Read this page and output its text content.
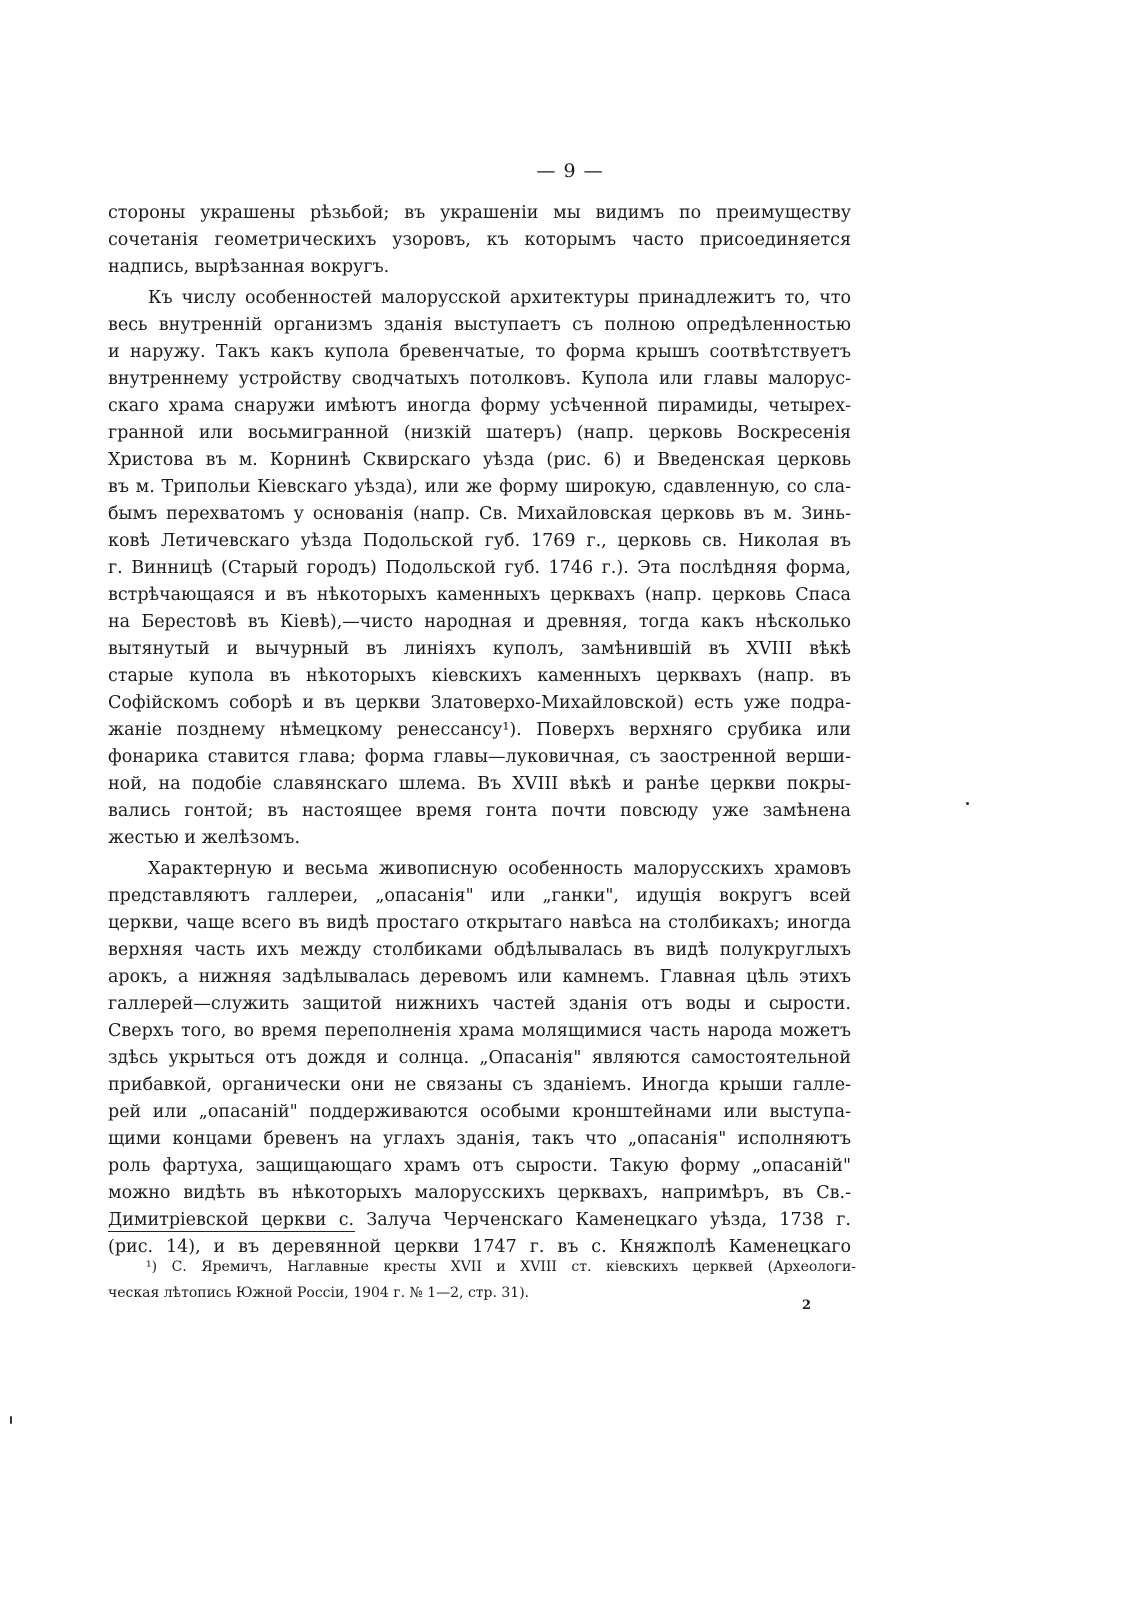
— 9 —

стороны украшены рѣзьбой; въ украшеніи мы видимъ по преимуществу
сочетанія геометрическихъ узоровъ, къ которымъ часто присоединяется
надпись, вырѣзанная вокругъ.

Къ числу особенностей малорусской архитектуры принадлежитъ то, что
весь внутренній организмъ зданія выступаетъ съ полною опредѣленностью
и наружу. Такъ какъ купола бревенчатые, то форма крышъ соотвѣтствуетъ
внутреннему устройству сводчатыхъ потолковъ. Купола или главы малорус-
скаго храма снаружи имѣютъ иногда форму усѣченной пирамиды, четырех-
гранной или восьмигранной (низкій шатеръ) (напр. церковь Воскресенія
Христова въ м. Корнинѣ Сквирскаго уѣзда (рис. 6) и Введенская церковь
въ м. Трипольи Кіевскаго уѣзда), или же форму широкую, сдавленную, со сла-
бымъ перехватомъ у основанія (напр. Св. Михайловская церковь въ м. Зинь-
ковѣ Летичевскаго уѣзда Подольской губ. 1769 г., церковь св. Николая въ
г. Винницѣ (Старый городъ) Подольской губ. 1746 г.). Эта послѣдняя форма,
встрѣчающаяся и въ нѣкоторыхъ каменныхъ церквахъ (напр. церковь Спаса
на Берестовѣ въ Кіевѣ),—чисто народная и древняя, тогда какъ нѣсколько
вытянутый и вычурный въ линіяхъ куполъ, замѣнившій въ XVIII вѣкѣ
старые купола въ нѣкоторыхъ кіевскихъ каменныхъ церквахъ (напр. въ
Софійскомъ соборѣ и въ церкви Златоверхо-Михайловской) есть уже подра-
жаніе позднему нѣмецкому ренессансу¹). Поверхъ верхняго срубика или
фонарика ставится глава; форма главы—луковичная, съ заостренной верши-
ной, на подобіе славянскаго шлема. Въ XVIII вѣкѣ и ранѣе церкви покры-
вались гонтой; въ настоящее время гонта почти повсюду уже замѣнена
жестью и желѣзомъ.

Характерную и весьма живописную особенность малорусскихъ храмовъ
представляютъ галлереи, „опасанія" или „ганки", идущія вокругъ всей
церкви, чаще всего въ видѣ простаго открытаго навѣса на столбикахъ; иногда
верхняя часть ихъ между столбиками обдѣлывалась въ видѣ полукруглыхъ
арокъ, а нижняя задѣлывалась деревомъ или камнемъ. Главная цѣль этихъ
галлерей—служить защитой нижнихъ частей зданія отъ воды и сырости.
Сверхъ того, во время переполненія храма молящимися часть народа можетъ
здѣсь укрыться отъ дождя и солнца. „Опасанія" являются самостоятельной
прибавкой, органически они не связаны съ зданіемъ. Иногда крыши галле-
рей или „опасаній" поддерживаются особыми кронштейнами или выступа-
щими концами бревенъ на углахъ зданія, такъ что „опасанія" исполняютъ
роль фартуха, защищающаго храмъ отъ сырости. Такую форму „опасаній"
можно видѣть въ нѣкоторыхъ малорусскихъ церквахъ, напримѣръ, въ Св.-
Димитріевской церкви с. Залуча Черченскаго Каменецкаго уѣзда, 1738 г.
(рис. 14), и въ деревянной церкви 1747 г. въ с. Княжполѣ Каменецкаго

¹) С. Яремичъ, Наглавные кресты XVII и XVIII ст. кіевскихъ церквей (Археологи-
ческая лѣтопись Южной Россіи, 1904 г. № 1—2, стр. 31).
2
